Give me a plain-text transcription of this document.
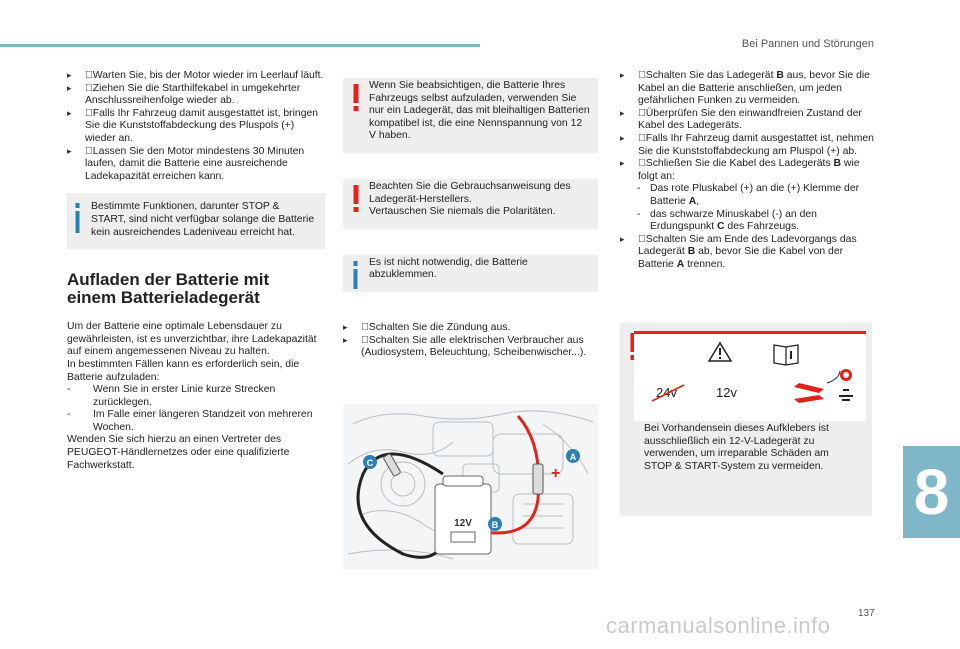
Bei Pannen und Störungen
▸ Warten Sie, bis der Motor wieder im Leerlauf läuft.
▸ Ziehen Sie die Starthilfekabel in umgekehrter Anschlussreihenfolge wieder ab.
▸ Falls Ihr Fahrzeug damit ausgestattet ist, bringen Sie die Kunststoffabdeckung des Pluspols (+) wieder an.
▸ Lassen Sie den Motor mindestens 30 Minuten laufen, damit die Batterie eine ausreichende Ladekapazität erreichen kann.
Bestimmte Funktionen, darunter STOP & START, sind nicht verfügbar solange die Batterie kein ausreichendes Ladeniveau erreicht hat.
Aufladen der Batterie mit
einem Batterieladegerät
Um der Batterie eine optimale Lebensdauer zu gewährleisten, ist es unverzichtbar, ihre Ladekapazität auf einem angemessenen Niveau zu halten.
In bestimmten Fällen kann es erforderlich sein, die Batterie aufzuladen:
- Wenn Sie in erster Linie kurze Strecken zurücklegen.
- Im Falle einer längeren Standzeit von mehreren Wochen.
Wenden Sie sich hierzu an einen Vertreter des PEUGEOT-Händlernetzes oder eine qualifizierte Fachwerkstatt.
Wenn Sie beabsichtigen, die Batterie Ihres Fahrzeugs selbst aufzuladen, verwenden Sie nur ein Ladegerät, das mit bleihaltigen Batterien kompatibel ist, die eine Nennspannung von 12 V haben.
Beachten Sie die Gebrauchsanweisung des Ladegerät-Herstellers.
Vertauschen Sie niemals die Polaritäten.
Es ist nicht notwendig, die Batterie abzuklemmen.
▸ Schalten Sie die Zündung aus.
▸ Schalten Sie alle elektrischen Verbraucher aus (Audiosystem, Beleuchtung, Scheibenwischer...).
12V
+
C
A
B
▸ Schalten Sie das Ladegerät B aus, bevor Sie die Kabel an die Batterie anschließen, um jeden gefährlichen Funken zu vermeiden.
▸ Überprüfen Sie den einwandfreien Zustand der Kabel des Ladegeräts.
▸ Falls Ihr Fahrzeug damit ausgestattet ist, nehmen Sie die Kunststoffabdeckung am Pluspol (+) ab.
▸ Schließen Sie die Kabel des Ladegeräts B wie folgt an:
- Das rote Pluskabel (+) an die (+) Klemme der Batterie A,
- das schwarze Minuskabel (-) an den Erdungspunkt C des Fahrzeugs.
▸ Schalten Sie am Ende des Ladevorgangs das Ladegerät B ab, bevor Sie die Kabel von der Batterie A trennen.
24v	12v
Bei Vorhandensein dieses Aufklebers ist ausschließlich ein 12-V-Ladegerät zu verwenden, um irreparable Schäden am STOP & START-System zu vermeiden.	8
137
carmanualsonline.info
